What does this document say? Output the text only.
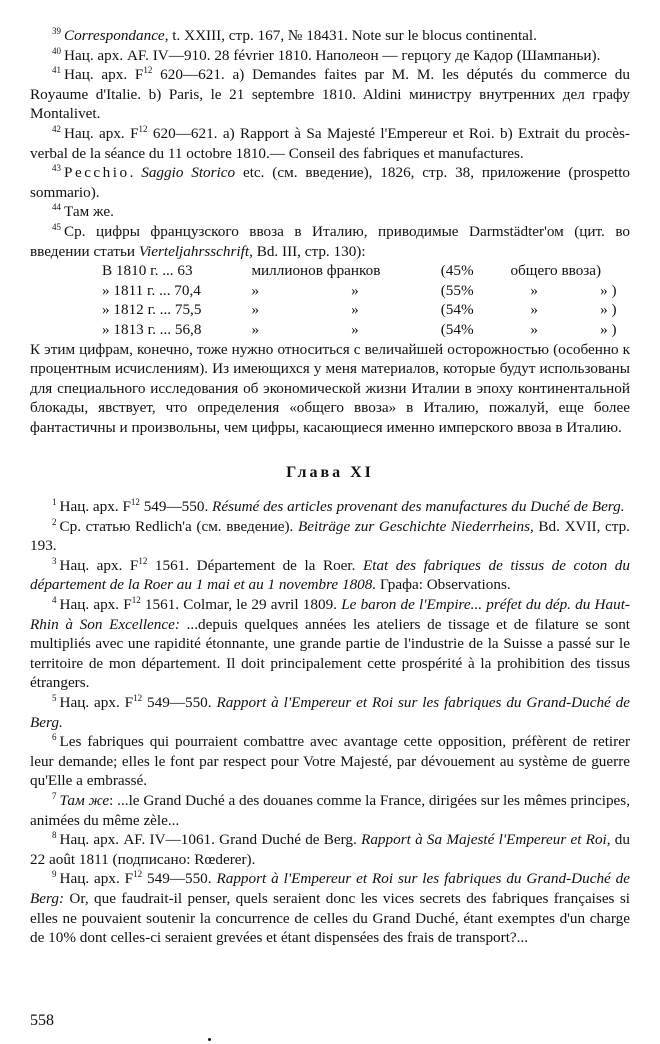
$^{39}$ Correspondance, t. XXIII, стр. 167, № 18431. Note sur le blocus continental.

$^{40}$ Нац. арх. AF. IV—910. 28 février 1810. Наполеон — герцогу де Кадор (Шампаньи).

$^{41}$ Нац. арх. $F^{12}$ 620—621. a) Demandes faites par M. M. les députés du commerce du Royaume d'Italie. b) Paris, le 21 septembre 1810. Aldini министру внутренних дел графу Montalivet.

$^{42}$ Нац. арх. $F^{12}$ 620—621. a) Rapport à Sa Majesté l'Empereur et Roi. b) Extrait du procès-verbal de la séance du 11 octobre 1810.— Conseil des fabriques et manufactures.

$^{43}$ Pecchio. Saggio Storico etc. (см. введение), 1826, стр. 38, приложение (prospetto sommario).

$^{44}$ Там же.

$^{45}$ Ср. цифры французского ввоза в Италию, приводимые Darmstädter'ом (цит. во введении статьи Vierteljahrsschrift, Bd. III, стр. 130):

В 1810 г. ... 63	миллионов франков	(45%	общего ввоза)
» 1811 г. ... 70,4	»	»	(55%	»	» )
» 1812 г. ... 75,5	»	»	(54%	»	» )
» 1813 г. ... 56,8	»	»	(54%	»	» )

К этим цифрам, конечно, тоже нужно относиться с величайшей осторожностью (особенно к процентным исчислениям). Из имеющихся у меня материалов, которые будут использованы для специального исследования об экономической жизни Италии в эпоху континентальной блокады, явствует, что определения «общего ввоза» в Италию, пожалуй, еще более фантастичны и произвольны, чем цифры, касающиеся именно имперского ввоза в Италию.

Глава XI

$^1$ Нац. арх. $F^{12}$ 549—550. Résumé des articles provenant des manufactures du Duché de Berg.

$^2$ Ср. статью Redlich'а (см. введение). Beiträge zur Geschichte Niederrheins, Bd. XVII, стр. 193.

$^3$ Нац. арх. $F^{12}$ 1561. Département de la Roer. Etat des fabriques de tissus de coton du département de la Roer au 1 mai et au 1 novembre 1808. Графа: Observations.

$^4$ Нац. арх. $F^{12}$ 1561. Colmar, le 29 avril 1809. Le baron de l'Empire... préfet du dép. du Haut-Rhin à Son Excellence: ...depuis quelques années les ateliers de tissage et de filature se sont multipliés avec une rapidité étonnante, une grande partie de l'industrie de la Suisse a passé sur le territoire de mon département. Il doit principalement cette prospérité à la prohibition des tissus étrangers.

$^5$ Нац. арх. $F^{12}$ 549—550. Rapport à l'Empereur et Roi sur les fabriques du Grand-Duché de Berg.

$^6$ Les fabriques qui pourraient combattre avec avantage cette opposition, préfèrent de retirer leur demande; elles le font par respect pour Votre Majesté, par dévouement au système de guerre qu'Elle a embrassé.

$^7$ Там же: ...le Grand Duché a des douanes comme la France, dirigées sur les mêmes principes, animées du même zèle...

$^8$ Нац. арх. AF. IV—1061. Grand Duché de Berg. Rapport à Sa Majesté l'Empereur et Roi, du 22 août 1811 (подписано: Rœderer).

$^9$ Нац. арх. $F^{12}$ 549—550. Rapport à l'Empereur et Roi sur les fabriques du Grand-Duché de Berg: Or, que faudrait-il penser, quels seraient donc les vices secrets des fabriques françaises si elles ne pouvaient soutenir la concurrence de celles du Grand Duché, étant exemptes d'un charge de 10% dont celles-ci seraient grevées et étant dispensées des frais de transport?...

558
